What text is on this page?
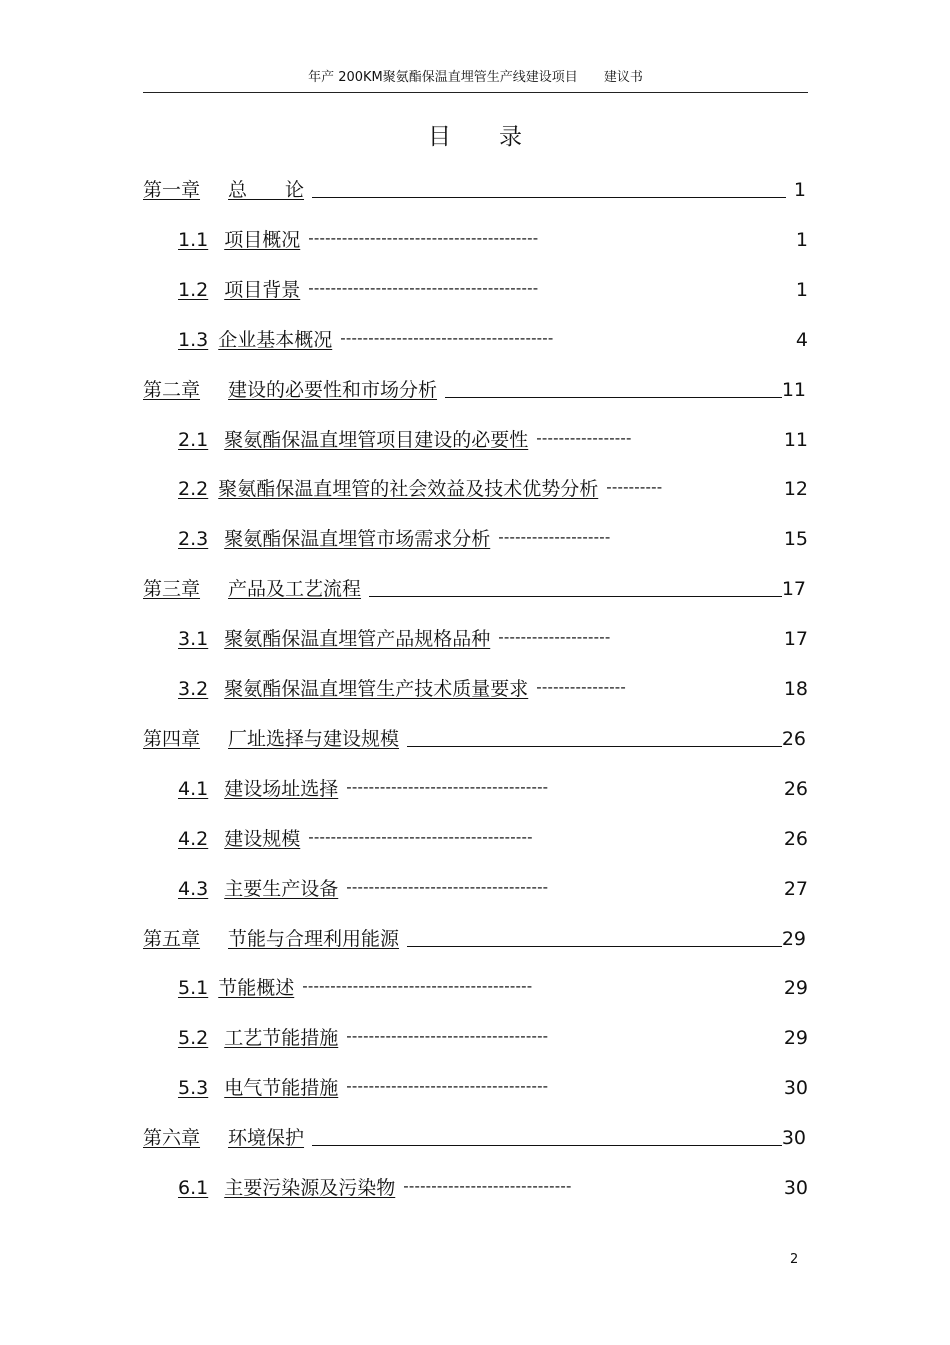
年产 200KM聚氨酯保温直埋管生产线建设项目 建议书
目录
第一章 总　　论	1
1.1 项目概况 -----------------------------------------	1
1.2 项目背景 -----------------------------------------	1
1.3 企业基本概况 --------------------------------------	4
第二章 建设的必要性和市场分析	11
2.1 聚氨酯保温直埋管项目建设的必要性 -----------------	11
2.2 聚氨酯保温直埋管的社会效益及技术优势分析 ----------	12
2.3 聚氨酯保温直埋管市场需求分析 --------------------	15
第三章 产品及工艺流程	17
3.1 聚氨酯保温直埋管产品规格品种 --------------------	17
3.2 聚氨酯保温直埋管生产技术质量要求 ----------------	18
第四章 厂址选择与建设规模	26
4.1 建设场址选择 ------------------------------------	26
4.2 建设规模 ----------------------------------------	26
4.3 主要生产设备 ------------------------------------	27
第五章 节能与合理利用能源	29
5.1 节能概述 -----------------------------------------	29
5.2 工艺节能措施 ------------------------------------	29
5.3 电气节能措施 ------------------------------------	30
第六章 环境保护	30
6.1 主要污染源及污染物 ------------------------------	30
2
